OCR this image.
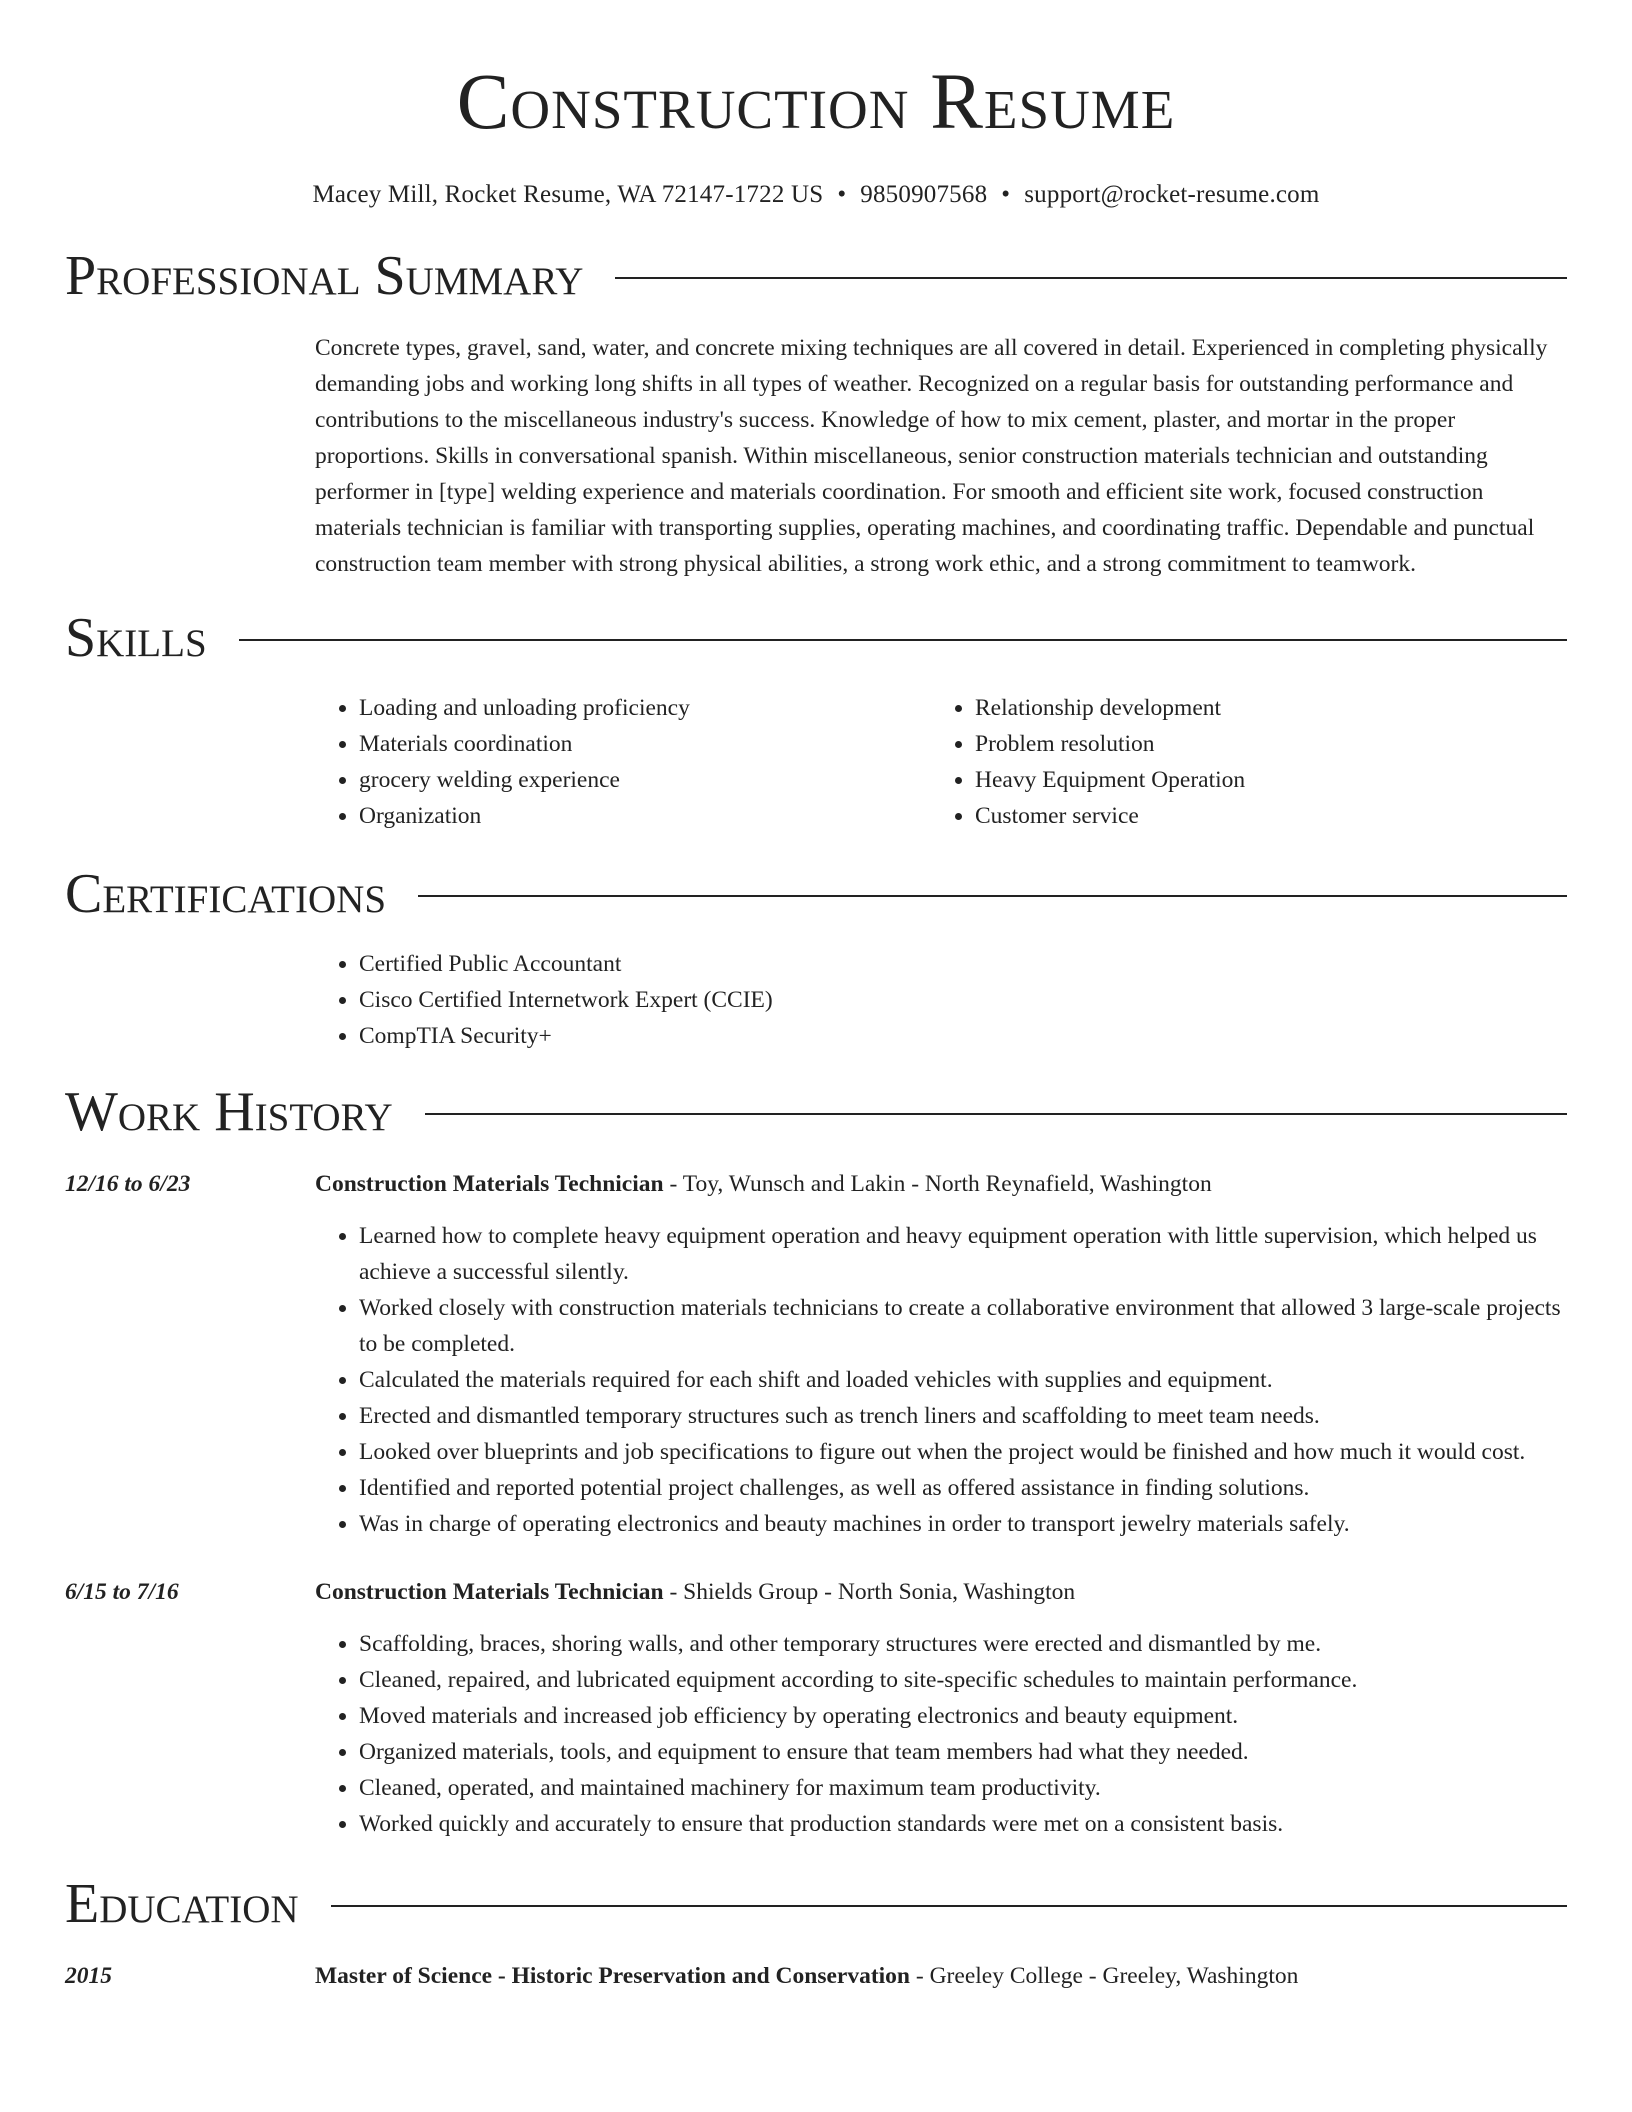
Construction Resume
Macey Mill, Rocket Resume, WA 72147-1722 US • 9850907568 • support@rocket-resume.com
Professional Summary

Concrete types, gravel, sand, water, and concrete mixing techniques are all covered in detail. Experienced in completing physically demanding jobs and working long shifts in all types of weather. Recognized on a regular basis for outstanding performance and contributions to the miscellaneous industry's success. Knowledge of how to mix cement, plaster, and mortar in the proper proportions. Skills in conversational spanish. Within miscellaneous, senior construction materials technician and outstanding performer in [type] welding experience and materials coordination. For smooth and efficient site work, focused construction materials technician is familiar with transporting supplies, operating machines, and coordinating traffic. Dependable and punctual construction team member with strong physical abilities, a strong work ethic, and a strong commitment to teamwork.

Skills
• Loading and unloading proficiency
• Materials coordination
• grocery welding experience
• Organization
• Relationship development
• Problem resolution
• Heavy Equipment Operation
• Customer service
Certifications
• Certified Public Accountant
• Cisco Certified Internetwork Expert (CCIE)
• CompTIA Security+
Work History
12/16 to 6/23	Construction Materials Technician - Toy, Wunsch and Lakin - North Reynafield, Washington
• Learned how to complete heavy equipment operation and heavy equipment operation with little supervision, which helped us achieve a successful silently.
• Worked closely with construction materials technicians to create a collaborative environment that allowed 3 large-scale projects to be completed.
• Calculated the materials required for each shift and loaded vehicles with supplies and equipment.
• Erected and dismantled temporary structures such as trench liners and scaffolding to meet team needs.
• Looked over blueprints and job specifications to figure out when the project would be finished and how much it would cost.
• Identified and reported potential project challenges, as well as offered assistance in finding solutions.
• Was in charge of operating electronics and beauty machines in order to transport jewelry materials safely.
6/15 to 7/16	Construction Materials Technician - Shields Group - North Sonia, Washington
• Scaffolding, braces, shoring walls, and other temporary structures were erected and dismantled by me.
• Cleaned, repaired, and lubricated equipment according to site-specific schedules to maintain performance.
• Moved materials and increased job efficiency by operating electronics and beauty equipment.
• Organized materials, tools, and equipment to ensure that team members had what they needed.
• Cleaned, operated, and maintained machinery for maximum team productivity.
• Worked quickly and accurately to ensure that production standards were met on a consistent basis.
Education
2015	Master of Science - Historic Preservation and Conservation - Greeley College - Greeley, Washington
